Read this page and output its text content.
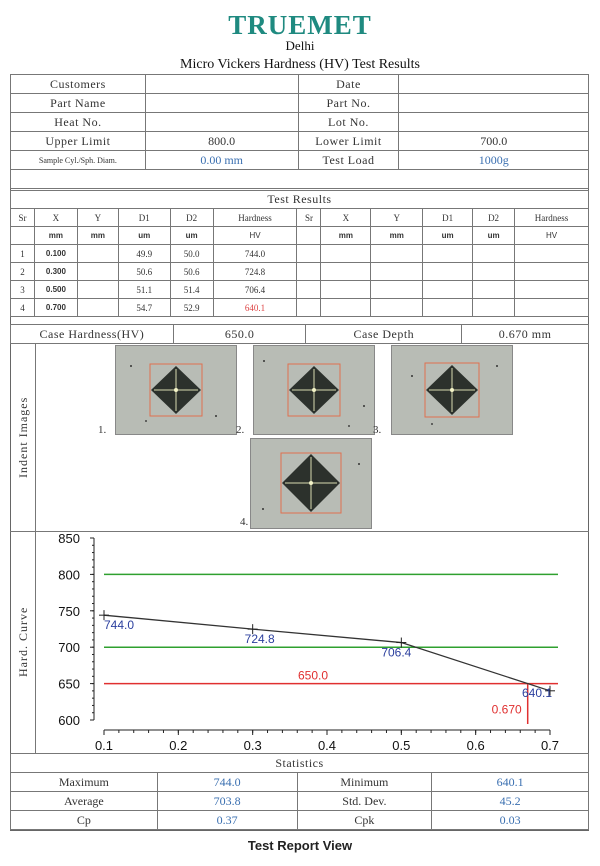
TRUEMET
Delhi
Micro Vickers Hardness (HV) Test Results
Customers		Date	
Part Name		Part No.	
Heat No.		Lot No.	
Upper Limit	800.0	Lower Limit	700.0
Sample Cyl./Sph. Diam.	0.00 mm	Test Load	1000g

Test Results											
Sr	X	Y	D1	D2	Hardness	Sr	X	Y	D1	D2	Hardness
	mm	mm	um	um	HV		mm	mm	um	um	HV
1	0.100		49.9	50.0	744.0						
2	0.300		50.6	50.6	724.8						
3	0.500		51.1	51.4	706.4						
4	0.700		54.7	52.9	640.1						
Case Hardness(HV)	650.0	Case Depth	0.670 mm
Indent Images	1.	2.	3.
4.
Hard. Curve
600
650
700
750
800
850
0.1	0.2	0.3	0.4	0.5	0.6	0.7
650.0
0.670
744.0
724.8
706.4
640.1
Statistics			
Maximum	744.0	Minimum	640.1
Average	703.8	Std. Dev.	45.2
Cp	0.37	Cpk	0.03
Test Report View
